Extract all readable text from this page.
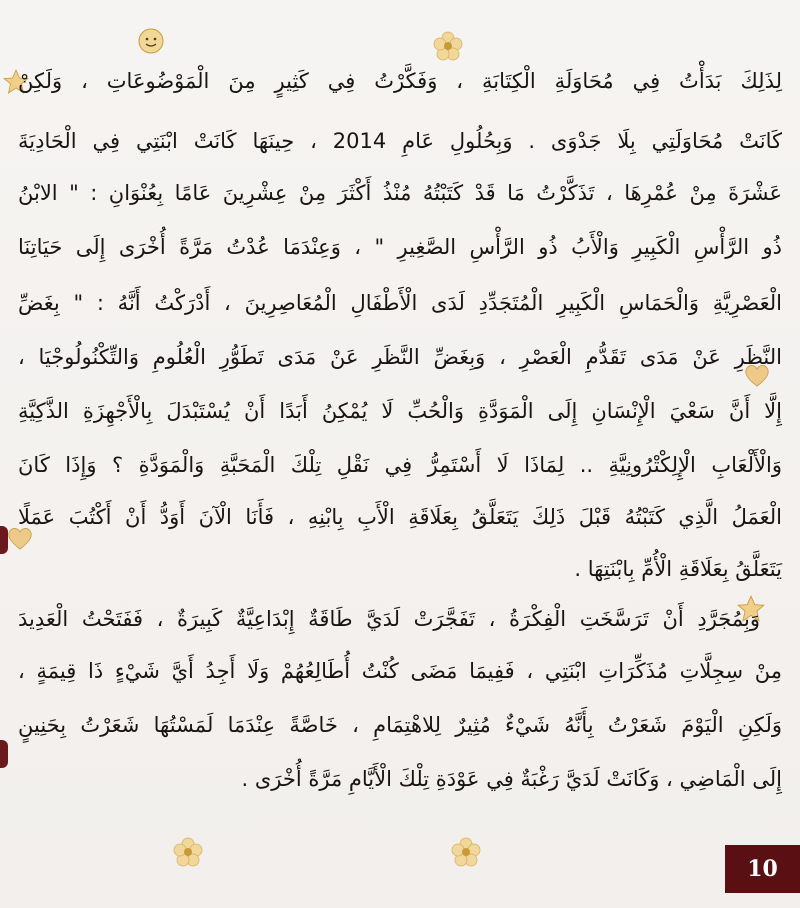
لِذَلِكَ بَدَأْتُ فِي مُحَاوَلَةِ الْكِتَابَةِ ، وَفَكَّرْتُ فِي كَثِيرٍ مِنَ الْمَوْضُوعَاتِ ، وَلَكِنْ
كَانَتْ مُحَاوَلَتِي بِلَا جَدْوَى . وَبِحُلُولِ عَامِ 2014 ، حِينَهَا كَانَتْ ابْنَتِي فِي الْحَادِيَةَ
عَشْرَةَ مِنْ عُمْرِهَا ، تَذَكَّرْتُ مَا قَدْ كَتَبْتُهُ مُنْذُ أَكْثَرَ مِنْ عِشْرِينَ عَامًا بِعُنْوَانِ : " الابْنُ
ذُو الرَّأْسِ الْكَبِيرِ وَالْأَبُ ذُو الرَّأْسِ الصَّغِيرِ " ، وَعِنْدَمَا عُدْتُ مَرَّةً أُخْرَى إِلَى حَيَاتِنَا
الْعَصْرِيَّةِ وَالْحَمَاسِ الْكَبِيرِ الْمُتَجَدِّدِ لَدَى الْأَطْفَالِ الْمُعَاصِرِينَ ، أَدْرَكْتُ أَنَّهُ : " بِغَضِّ
النَّظَرِ عَنْ مَدَى تَقَدُّمِ الْعَصْرِ ، وَبِغَضِّ النَّظَرِ عَنْ مَدَى تَطَوُّرِ الْعُلُومِ وَالتِّكْنُولُوجْيَا ،
إِلَّا أَنَّ سَعْيَ الْإِنْسَانِ إِلَى الْمَوَدَّةِ وَالْحُبِّ لَا يُمْكِنُ أَبَدًا أَنْ يُسْتَبْدَلَ بِالْأَجْهِزَةِ الذَّكِيَّةِ
وَالْأَلْعَابِ الْإِلِكْتْرُونِيَّةِ .. لِمَاذَا لَا أَسْتَمِرُّ فِي نَقْلِ تِلْكَ الْمَحَبَّةِ وَالْمَوَدَّةِ ؟ وَإِذَا كَانَ
الْعَمَلُ الَّذِي كَتَبْتُهُ قَبْلَ ذَلِكَ يَتَعَلَّقُ بِعَلَاقَةِ الْأَبِ بِابْنِهِ ، فَأَنَا الْآنَ أَوَدُّ أَنْ أَكْتُبَ عَمَلًا
يَتَعَلَّقُ بِعَلَاقَةِ الْأُمِّ بِابْنَتِهَا .
وَبِمُجَرَّدِ أَنْ تَرَسَّخَتِ الْفِكْرَةُ ، تَفَجَّرَتْ لَدَيَّ طَاقَةٌ إِبْدَاعِيَّةٌ كَبِيرَةٌ ، فَفَتَحْتُ الْعَدِيدَ
مِنْ سِجِلَّاتِ مُذَكِّرَاتِ ابْنَتِي ، فَفِيمَا مَضَى كُنْتُ أُطَالِعُهُمْ وَلَا أَجِدُ أَيَّ شَيْءٍ ذَا قِيمَةٍ ،
وَلَكِنِ الْيَوْمَ شَعَرْتُ بِأَنَّهُ شَيْءٌ مُثِيرٌ لِلاهْتِمَامِ ، خَاصَّةً عِنْدَمَا لَمَسْتُهَا شَعَرْتُ بِحَنِينٍ
إِلَى الْمَاضِي ، وَكَانَتْ لَدَيَّ رَغْبَةٌ فِي عَوْدَةِ تِلْكَ الْأَيَّامِ مَرَّةً أُخْرَى .
10
